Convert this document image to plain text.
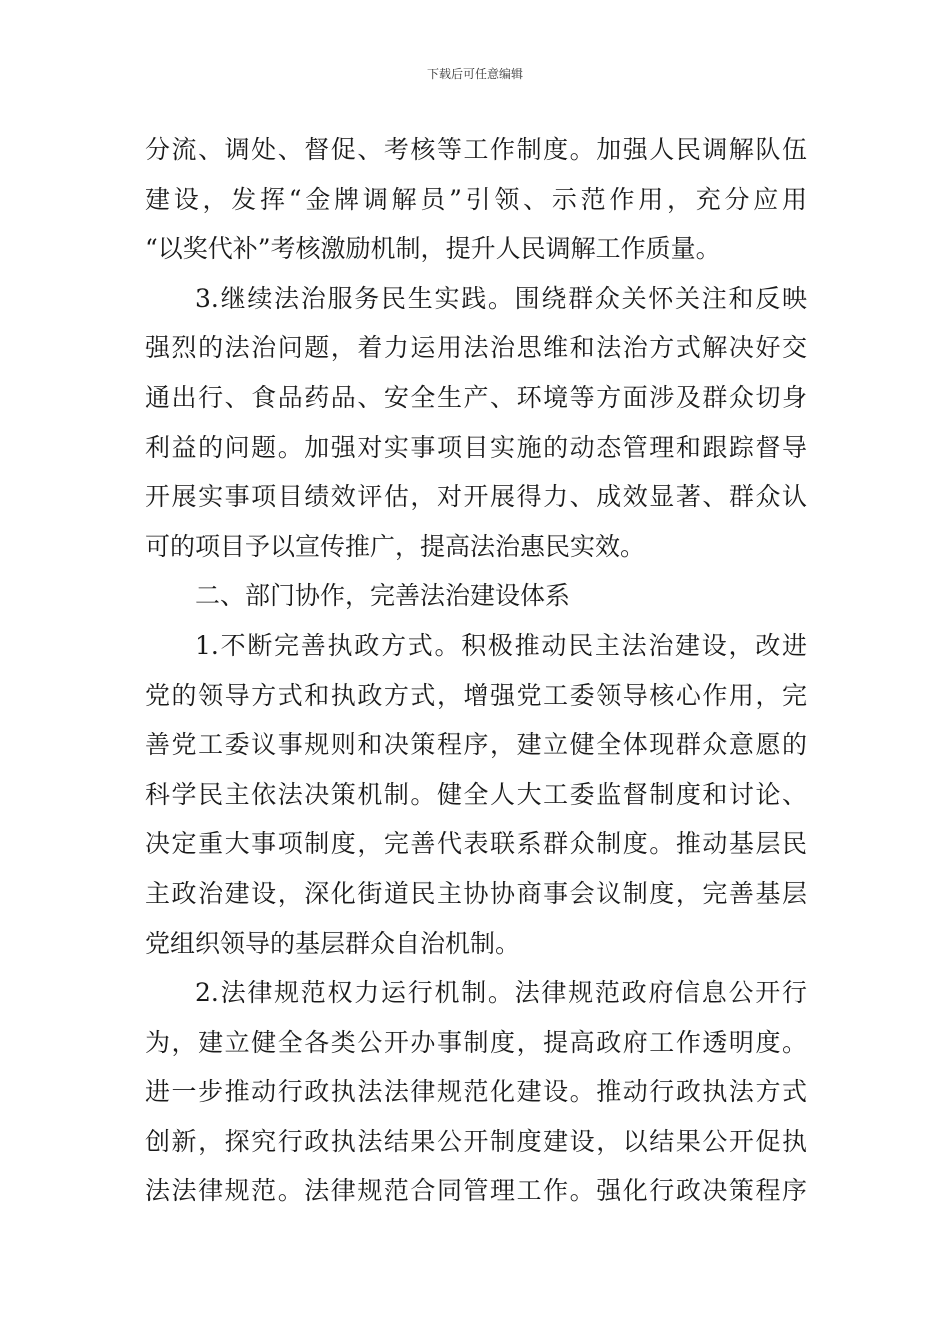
下载后可任意编辑
分流、调处、督促、考核等工作制度。加强人民调解队伍
建设，发挥“金牌调解员”引领、示范作用，充分应用
“以奖代补”考核激励机制，提升人民调解工作质量。
3.继续法治服务民生实践。围绕群众关怀关注和反映
强烈的法治问题，着力运用法治思维和法治方式解决好交
通出行、食品药品、安全生产、环境等方面涉及群众切身
利益的问题。加强对实事项目实施的动态管理和跟踪督导
开展实事项目绩效评估，对开展得力、成效显著、群众认
可的项目予以宣传推广，提高法治惠民实效。
二、部门协作，完善法治建设体系
1.不断完善执政方式。积极推动民主法治建设，改进
党的领导方式和执政方式，增强党工委领导核心作用，完
善党工委议事规则和决策程序，建立健全体现群众意愿的
科学民主依法决策机制。健全人大工委监督制度和讨论、
决定重大事项制度，完善代表联系群众制度。推动基层民
主政治建设，深化街道民主协协商事会议制度，完善基层
党组织领导的基层群众自治机制。
2.法律规范权力运行机制。法律规范政府信息公开行
为，建立健全各类公开办事制度，提高政府工作透明度。
进一步推动行政执法法律规范化建设。推动行政执法方式
创新，探究行政执法结果公开制度建设，以结果公开促执
法法律规范。法律规范合同管理工作。强化行政决策程序
